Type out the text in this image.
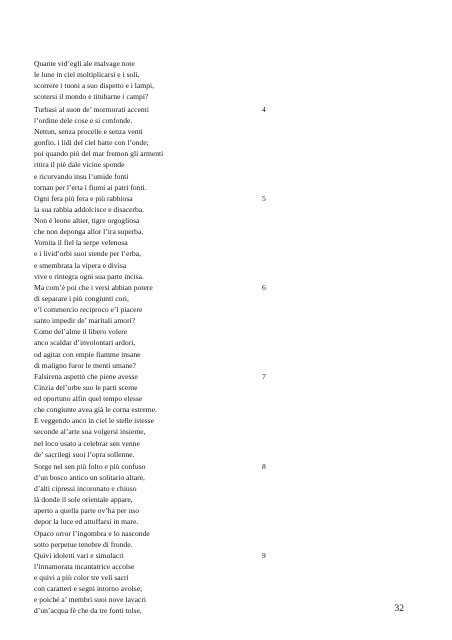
Quante vid’egli ale malvage note
le lune in ciel moltiplicarsi e i soli,
scorrere i tuoni a suo dispetto e i lampi,
scotersi il mondo e titubarne i campi?
4
Turbasi al suon de’ mormorati accenti
l’ordine dele cose e si confonde.
Nettun, senza procelle e senza venti
gonfio, i lidi del ciel batte con l’onde;
poi quando più del mar fremon gli armenti
ritira il piè dale vicine sponde
e ricurvando insu l’umide fonti
tornan per l’erta i fiumi ai patri fonti.
5
Ogni fera più fera e più rabbiosa
la sua rabbia addolcisce e disacerba.
Non è leone altier, tigre orgogliosa
che non deponga allor l’ira superba.
Vomita il fiel la serpe velenosa
e i livid’orbi suoi stende per l’erba,
e smembrata la vipera e divisa
vive e rintegra ogni sua parte incisa.
6
Ma com’è poi che i versi abbian potere
di separare i più congiunti cori,
e’l commercio reciproco e’l piacere
santo impedir de’ maritali amori?
Come del’alme il libero volere
anco scaldar d’involontari ardori,
od agitar con empie fiamme insane
di maligno furor le menti umane?
7
Falsirena aspettò che piene avesse
Cinzia del’orbe suo le parti sceme
ed oportuno alfin quel tempo elesse
che congiunte avea già le corna estreme.
E veggendo anco in ciel le stelle istesse
seconde al’arte sua volgersi insieme,
nel loco usato a celebrar sen venne
de’ sacrilegi suoi l’opra sollenne.
8
Sorge nel sen più folto e più confuso
d’un bosco antico un solitario altare,
d’alti cipressi incoronato e chiuso
là donde il sole orientale appare,
aperto a quella parte ov’ha per uso
depor la luce ed attuffarsi in mare.
Opaco orror l’ingombra e lo nasconde
sotto perpetue tenebre di fronde.
9
Quivi idoletti vari e simulacri
l’innamorata incantatrice accolse
e quivi a più color tre veli sacri
con caratteri e segni intorno avolse;
e poiché a’ membri suoi nove lavacri
d’un’acqua fè che da tre fonti tolse,	32
